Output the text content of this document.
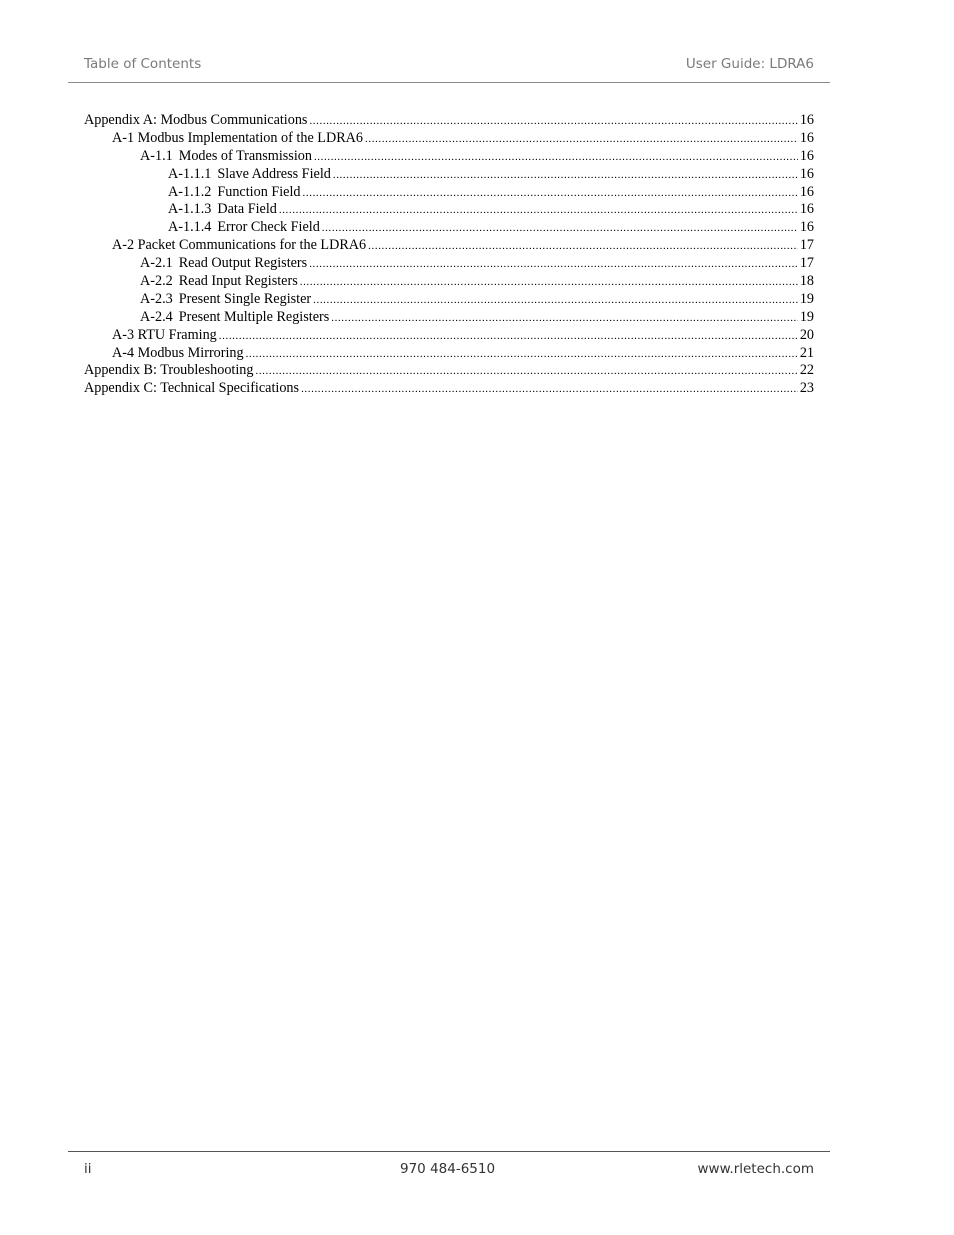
Table of Contents	User Guide: LDRA6
Appendix A: Modbus Communications .....	16
A-1 Modbus Implementation of the LDRA6 .....	16
A-1.1 Modes of Transmission .....	16
A-1.1.1 Slave Address Field .....	16
A-1.1.2 Function Field .....	16
A-1.1.3 Data Field .....	16
A-1.1.4 Error Check Field .....	16
A-2 Packet Communications for the LDRA6 .....	17
A-2.1 Read Output Registers .....	17
A-2.2 Read Input Registers .....	18
A-2.3 Present Single Register .....	19
A-2.4 Present Multiple Registers .....	19
A-3 RTU Framing .....	20
A-4 Modbus Mirroring .....	21
Appendix B: Troubleshooting .....	22
Appendix C: Technical Specifications .....	23
ii	970 484-6510	www.rletech.com
